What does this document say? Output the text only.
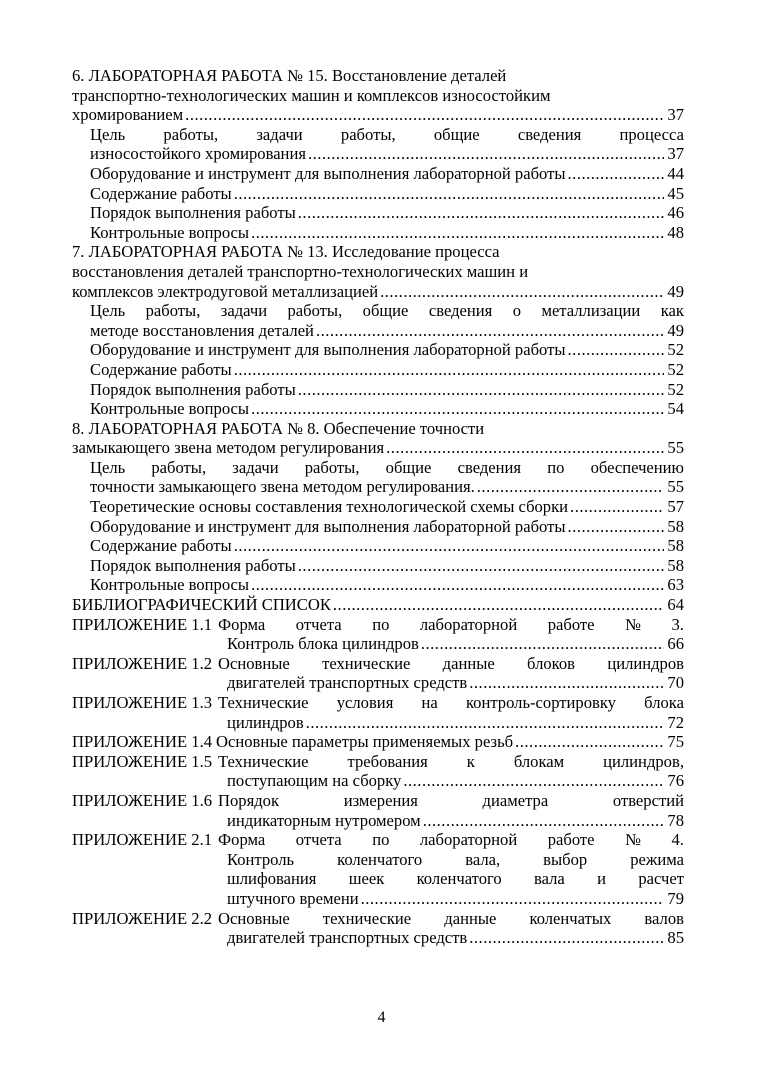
6. ЛАБОРАТОРНАЯ РАБОТА № 15. Восстановление деталей
транспортно-технологических машин и комплексов износостойким
хромированием .....	37
Цель работы, задачи работы, общие сведения процесса
износостойкого хромирования .....	37
Оборудование и инструмент для выполнения лабораторной работы .....	44
Содержание работы .....	45
Порядок выполнения работы .....	46
Контрольные вопросы .....	48
7. ЛАБОРАТОРНАЯ РАБОТА № 13. Исследование процесса
восстановления деталей транспортно-технологических машин и
комплексов электродуговой металлизацией .....	49
Цель работы, задачи работы, общие сведения о металлизации как
методе восстановления деталей .....	49
Оборудование и инструмент для выполнения лабораторной работы .....	52
Содержание работы .....	52
Порядок выполнения работы .....	52
Контрольные вопросы .....	54
8. ЛАБОРАТОРНАЯ РАБОТА № 8. Обеспечение точности
замыкающего звена методом регулирования .....	55
Цель работы, задачи работы, общие сведения по обеспечению
точности замыкающего звена методом регулирования. .....	55
Теоретические основы составления технологической схемы сборки .....	57
Оборудование и инструмент для выполнения лабораторной работы .....	58
Содержание работы .....	58
Порядок выполнения работы .....	58
Контрольные вопросы .....	63
БИБЛИОГРАФИЧЕСКИЙ СПИСОК .....	64
ПРИЛОЖЕНИЕ 1.1 Форма отчета по лабораторной работе № 3.
Контроль блока цилиндров .....	66
ПРИЛОЖЕНИЕ 1.2 Основные технические данные блоков цилиндров
двигателей транспортных средств .....	70
ПРИЛОЖЕНИЕ 1.3 Технические условия на контроль-сортировку блока
цилиндров .....	72
ПРИЛОЖЕНИЕ 1.4 Основные параметры применяемых резьб .....	75
ПРИЛОЖЕНИЕ 1.5 Технические требования к блокам цилиндров,
поступающим на сборку .....	76
ПРИЛОЖЕНИЕ 1.6 Порядок	измерения	диаметра	отверстий
индикаторным нутромером .....	78
ПРИЛОЖЕНИЕ 2.1 Форма отчета по лабораторной работе № 4.
Контроль	коленчатого	вала,	выбор	режима
шлифования шеек коленчатого вала и расчет
штучного времени .....	79
ПРИЛОЖЕНИЕ 2.2 Основные технические данные коленчатых валов
двигателей транспортных средств .....	85
4
